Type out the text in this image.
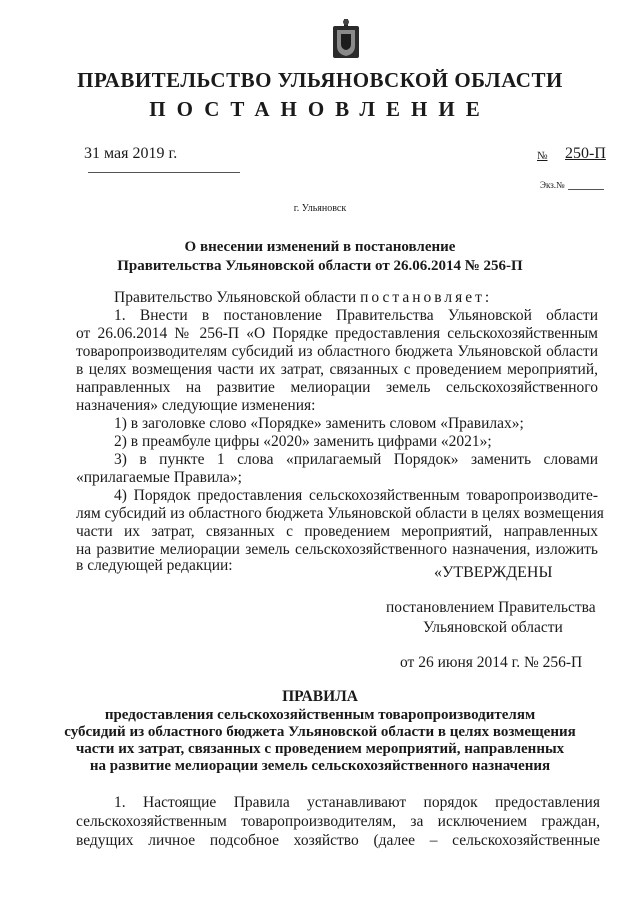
ПРАВИТЕЛЬСТВО УЛЬЯНОВСКОЙ ОБЛАСТИ
ПОСТАНОВЛЕНИЕ
31 мая 2019 г.	№ 250-П
Экз.№
г. Ульяновск
О внесении изменений в постановление
Правительства Ульяновской области от 26.06.2014 № 256-П
Правительство Ульяновской области постановляет:
1. Внести в постановление Правительства Ульяновской области
от 26.06.2014 № 256-П «О Порядке предоставления сельскохозяйственным
товаропроизводителям субсидий из областного бюджета Ульяновской области
в целях возмещения части их затрат, связанных с проведением мероприятий,
направленных на развитие мелиорации земель сельскохозяйственного
назначения» следующие изменения:
1) в заголовке слово «Порядке» заменить словом «Правилах»;
2) в преамбуле цифры «2020» заменить цифрами «2021»;
3) в пункте 1 слова «прилагаемый Порядок» заменить словами
«прилагаемые Правила»;
4) Порядок предоставления сельскохозяйственным товаропроизводите-
лям субсидий из областного бюджета Ульяновской области в целях возмещения
части их затрат, связанных с проведением мероприятий, направленных
на развитие мелиорации земель сельскохозяйственного назначения, изложить
в следующей редакции:	«УТВЕРЖДЕНЫ
постановлением Правительства
Ульяновской области
от 26 июня 2014 г. № 256-П
ПРАВИЛА
предоставления сельскохозяйственным товаропроизводителям
субсидий из областного бюджета Ульяновской области в целях возмещения
части их затрат, связанных с проведением мероприятий, направленных
на развитие мелиорации земель сельскохозяйственного назначения
1. Настоящие Правила устанавливают порядок предоставления
сельскохозяйственным товаропроизводителям, за исключением граждан,
ведущих личное подсобное хозяйство (далее – сельскохозяйственные
